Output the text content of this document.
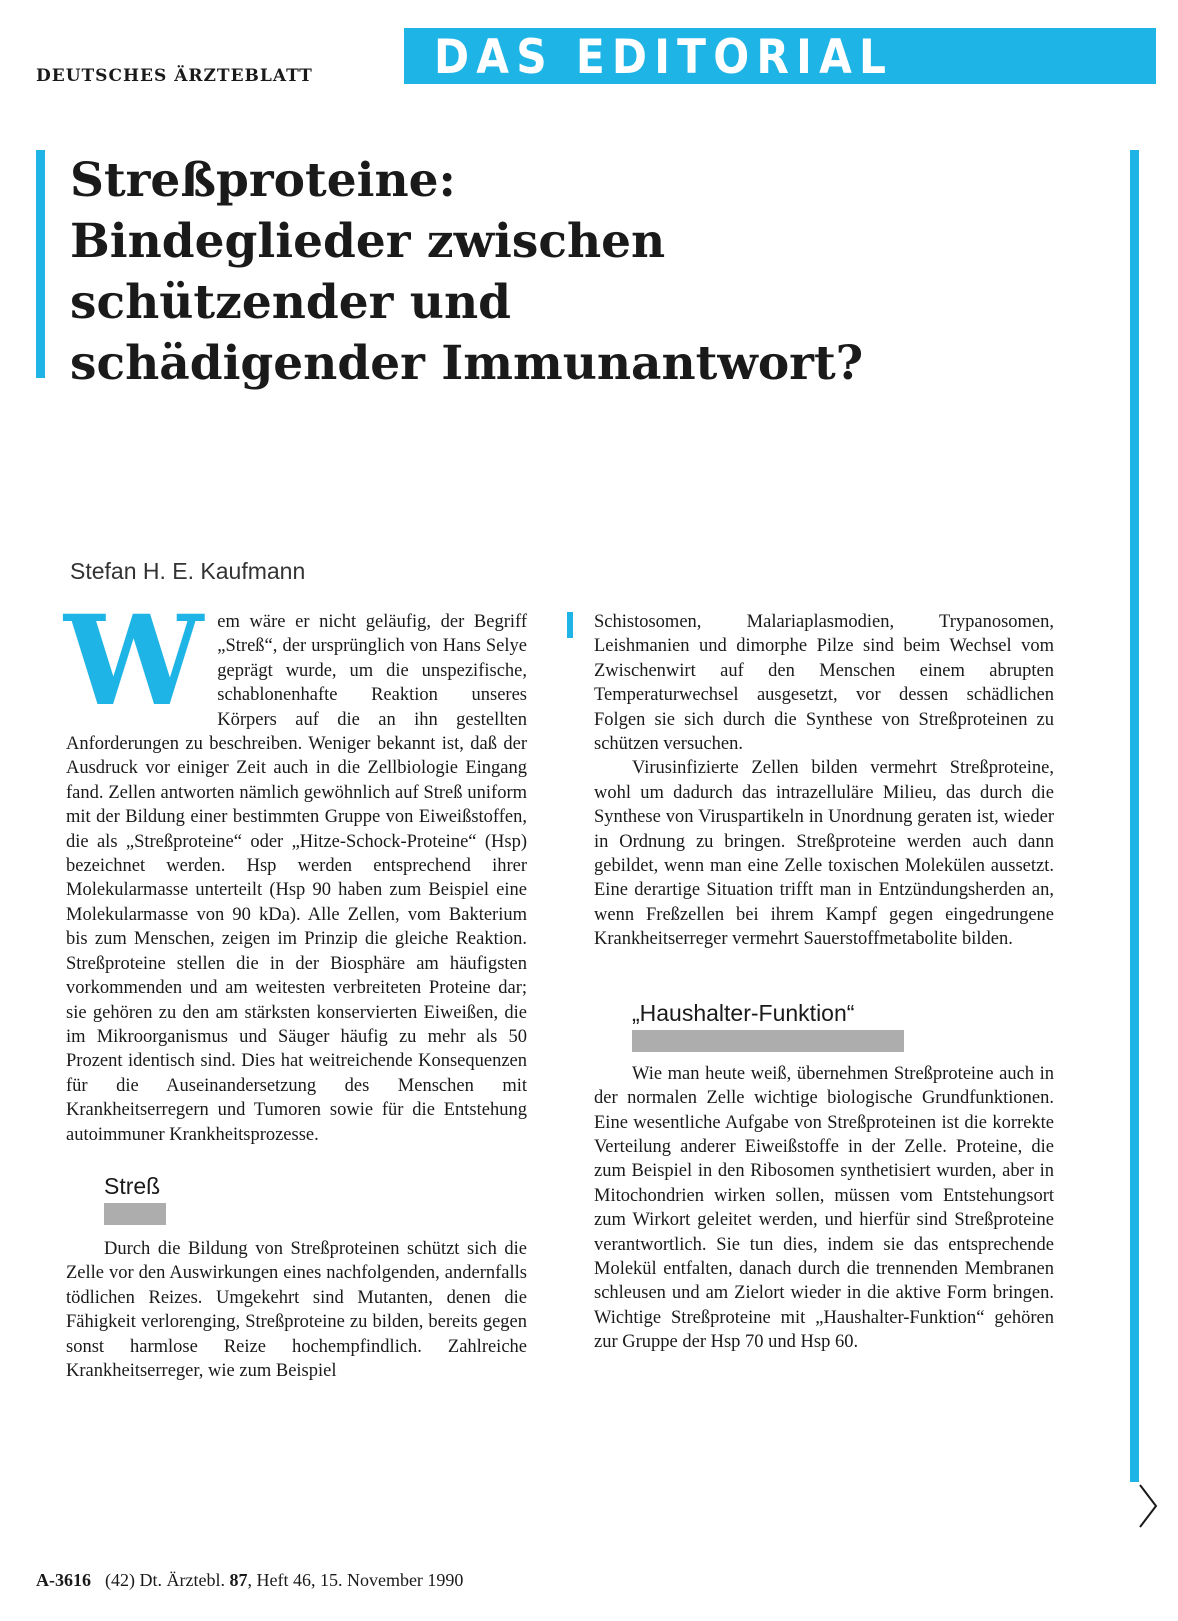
DEUTSCHES ÄRZTEBLATT	DAS EDITORIAL
Streßproteine:
Bindeglieder zwischen
schützender und
schädigender Immunantwort?
Stefan H. E. Kaufmann

Wem wäre er nicht geläufig, der Begriff „Streß“, der ursprünglich von Hans Selye geprägt wurde, um die unspezifische, schablonenhafte Reaktion unseres Körpers auf die an ihn gestellten Anforderungen zu beschreiben. Weniger bekannt ist, daß der Ausdruck vor einiger Zeit auch in die Zellbiologie Eingang fand. Zellen antworten nämlich gewöhnlich auf Streß uniform mit der Bildung einer bestimmten Gruppe von Eiweißstoffen, die als „Streßproteine“ oder „Hitze-Schock-Proteine“ (Hsp) bezeichnet werden. Hsp werden entsprechend ihrer Molekularmasse unterteilt (Hsp 90 haben zum Beispiel eine Molekularmasse von 90 kDa). Alle Zellen, vom Bakterium bis zum Menschen, zeigen im Prinzip die gleiche Reaktion. Streßproteine stellen die in der Biosphäre am häufigsten vorkommenden und am weitesten verbreiteten Proteine dar; sie gehören zu den am stärksten konservierten Eiweißen, die im Mikroorganismus und Säuger häufig zu mehr als 50 Prozent identisch sind. Dies hat weitreichende Konsequenzen für die Auseinandersetzung des Menschen mit Krankheitserregern und Tumoren sowie für die Entstehung autoimmuner Krankheitsprozesse.

Streß

Durch die Bildung von Streßproteinen schützt sich die Zelle vor den Auswirkungen eines nachfolgenden, andernfalls tödlichen Reizes. Umgekehrt sind Mutanten, denen die Fähigkeit verlorenging, Streßproteine zu bilden, bereits gegen sonst harmlose Reize hochempfindlich. Zahlreiche Krankheitserreger, wie zum Beispiel

Schistosomen, Malariaplasmodien, Trypanosomen, Leishmanien und dimorphe Pilze sind beim Wechsel vom Zwischenwirt auf den Menschen einem abrupten Temperaturwechsel ausgesetzt, vor dessen schädlichen Folgen sie sich durch die Synthese von Streßproteinen zu schützen versuchen.

Virusinfizierte Zellen bilden vermehrt Streßproteine, wohl um dadurch das intrazelluläre Milieu, das durch die Synthese von Viruspartikeln in Unordnung geraten ist, wieder in Ordnung zu bringen. Streßproteine werden auch dann gebildet, wenn man eine Zelle toxischen Molekülen aussetzt. Eine derartige Situation trifft man in Entzündungsherden an, wenn Freßzellen bei ihrem Kampf gegen eingedrungene Krankheitserreger vermehrt Sauerstoffmetabolite bilden.

„Haushalter-Funktion“

Wie man heute weiß, übernehmen Streßproteine auch in der normalen Zelle wichtige biologische Grundfunktionen. Eine wesentliche Aufgabe von Streßproteinen ist die korrekte Verteilung anderer Eiweißstoffe in der Zelle. Proteine, die zum Beispiel in den Ribosomen synthetisiert wurden, aber in Mitochondrien wirken sollen, müssen vom Entstehungsort zum Wirkort geleitet werden, und hierfür sind Streßproteine verantwortlich. Sie tun dies, indem sie das entsprechende Molekül entfalten, danach durch die trennenden Membranen schleusen und am Zielort wieder in die aktive Form bringen. Wichtige Streßproteine mit „Haushalter-Funktion“ gehören zur Gruppe der Hsp 70 und Hsp 60.

A-3616 (42) Dt. Ärztebl. 87, Heft 46, 15. November 1990
